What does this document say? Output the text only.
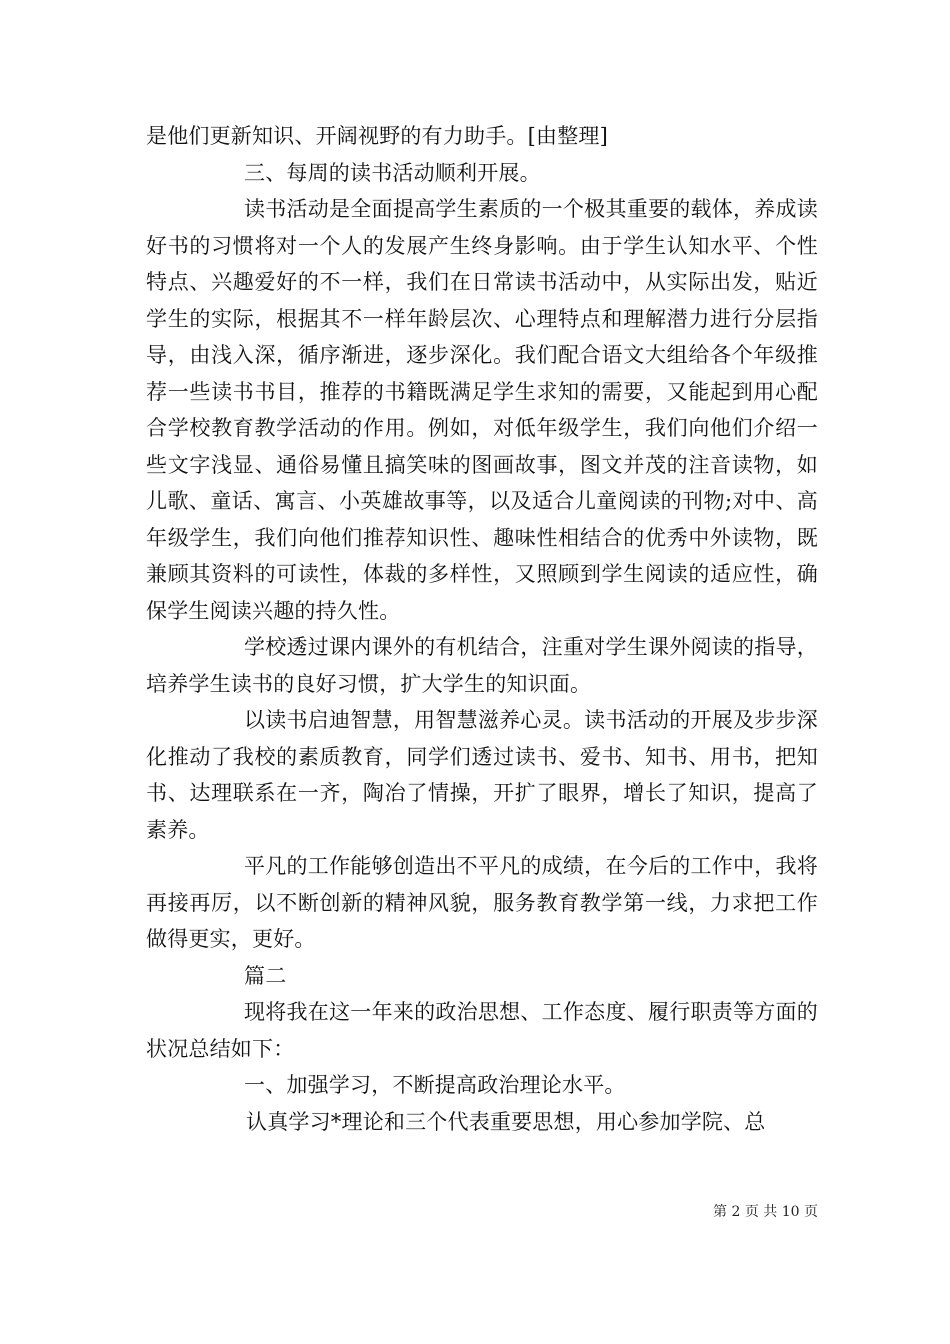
是他们更新知识、开阔视野的有力助手。[由整理]

三、每周的读书活动顺利开展。

读书活动是全面提高学生素质的一个极其重要的载体，养成读好书的习惯将对一个人的发展产生终身影响。由于学生认知水平、个性特点、兴趣爱好的不一样，我们在日常读书活动中，从实际出发，贴近学生的实际，根据其不一样年龄层次、心理特点和理解潜力进行分层指导，由浅入深，循序渐进，逐步深化。我们配合语文大组给各个年级推荐一些读书书目，推荐的书籍既满足学生求知的需要，又能起到用心配合学校教育教学活动的作用。例如，对低年级学生，我们向他们介绍一些文字浅显、通俗易懂且搞笑味的图画故事，图文并茂的注音读物，如儿歌、童话、寓言、小英雄故事等，以及适合儿童阅读的刊物;对中、高年级学生，我们向他们推荐知识性、趣味性相结合的优秀中外读物，既兼顾其资料的可读性，体裁的多样性，又照顾到学生阅读的适应性，确保学生阅读兴趣的持久性。

学校透过课内课外的有机结合，注重对学生课外阅读的指导，培养学生读书的良好习惯，扩大学生的知识面。

以读书启迪智慧，用智慧滋养心灵。读书活动的开展及步步深化推动了我校的素质教育，同学们透过读书、爱书、知书、用书，把知书、达理联系在一齐，陶冶了情操，开扩了眼界，增长了知识，提高了素养。

平凡的工作能够创造出不平凡的成绩，在今后的工作中，我将再接再厉，以不断创新的精神风貌，服务教育教学第一线，力求把工作做得更实，更好。

篇二

现将我在这一年来的政治思想、工作态度、履行职责等方面的状况总结如下：

一、加强学习，不断提高政治理论水平。

认真学习*理论和三个代表重要思想，用心参加学院、总

第 2 页 共 10 页
